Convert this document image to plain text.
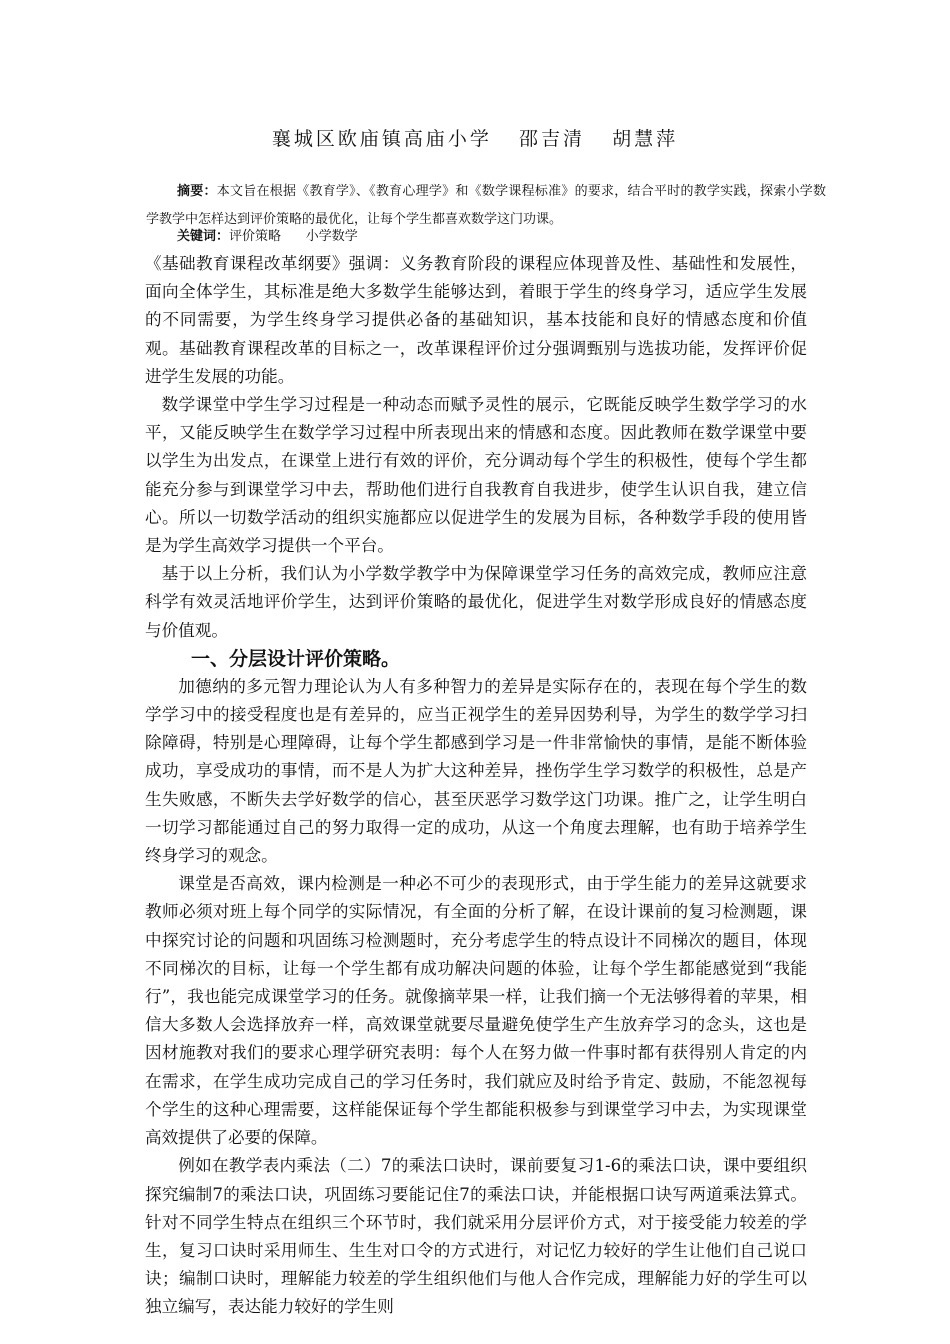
襄城区欧庙镇高庙小学   邵吉清   胡慧萍
摘要：本文旨在根据《教育学》、《教育心理学》和《数学课程标准》的要求，结合平时的教学实践，探索小学数学教学中怎样达到评价策略的最优化，让每个学生都喜欢数学这门功课。
关键词：评价策略      小学数学

《基础教育课程改革纲要》强调：义务教育阶段的课程应体现普及性、基础性和发展性，面向全体学生，其标准是绝大多数学生能够达到，着眼于学生的终身学习，适应学生发展的不同需要，为学生终身学习提供必备的基础知识，基本技能和良好的情感态度和价值观。基础教育课程改革的目标之一，改革课程评价过分强调甄别与选拔功能，发挥评价促进学生发展的功能。

数学课堂中学生学习过程是一种动态而赋予灵性的展示，它既能反映学生数学学习的水平，又能反映学生在数学学习过程中所表现出来的情感和态度。因此教师在数学课堂中要以学生为出发点，在课堂上进行有效的评价，充分调动每个学生的积极性，使每个学生都能充分参与到课堂学习中去，帮助他们进行自我教育自我进步，使学生认识自我，建立信心。所以一切数学活动的组织实施都应以促进学生的发展为目标，各种数学手段的使用皆是为学生高效学习提供一个平台。

基于以上分析，我们认为小学数学教学中为保障课堂学习任务的高效完成，教师应注意科学有效灵活地评价学生，达到评价策略的最优化，促进学生对数学形成良好的情感态度与价值观。

一、分层设计评价策略。

加德纳的多元智力理论认为人有多种智力的差异是实际存在的，表现在每个学生的数学学习中的接受程度也是有差异的，应当正视学生的差异因势利导，为学生的数学学习扫除障碍，特别是心理障碍，让每个学生都感到学习是一件非常愉快的事情，是能不断体验成功，享受成功的事情，而不是人为扩大这种差异，挫伤学生学习数学的积极性，总是产生失败感，不断失去学好数学的信心，甚至厌恶学习数学这门功课。推广之，让学生明白一切学习都能通过自己的努力取得一定的成功，从这一个角度去理解，也有助于培养学生终身学习的观念。

课堂是否高效，课内检测是一种必不可少的表现形式，由于学生能力的差异这就要求教师必须对班上每个同学的实际情况，有全面的分析了解，在设计课前的复习检测题，课中探究讨论的问题和巩固练习检测题时，充分考虑学生的特点设计不同梯次的题目，体现不同梯次的目标，让每一个学生都有成功解决问题的体验，让每个学生都能感觉到“我能行”，我也能完成课堂学习的任务。就像摘苹果一样，让我们摘一个无法够得着的苹果，相信大多数人会选择放弃一样，高效课堂就要尽量避免使学生产生放弃学习的念头，这也是因材施教对我们的要求心理学研究表明：每个人在努力做一件事时都有获得别人肯定的内在需求，在学生成功完成自己的学习任务时，我们就应及时给予肯定、鼓励，不能忽视每个学生的这种心理需要，这样能保证每个学生都能积极参与到课堂学习中去，为实现课堂高效提供了必要的保障。

例如在教学表内乘法（二）7的乘法口诀时，课前要复习1-6的乘法口诀，课中要组织探究编制7的乘法口诀，巩固练习要能记住7的乘法口诀，并能根据口诀写两道乘法算式。针对不同学生特点在组织三个环节时，我们就采用分层评价方式，对于接受能力较差的学生，复习口诀时采用师生、生生对口令的方式进行，对记忆力较好的学生让他们自己说口诀；编制口诀时，理解能力较差的学生组织他们与他人合作完成，理解能力好的学生可以独立编写，表达能力较好的学生则
